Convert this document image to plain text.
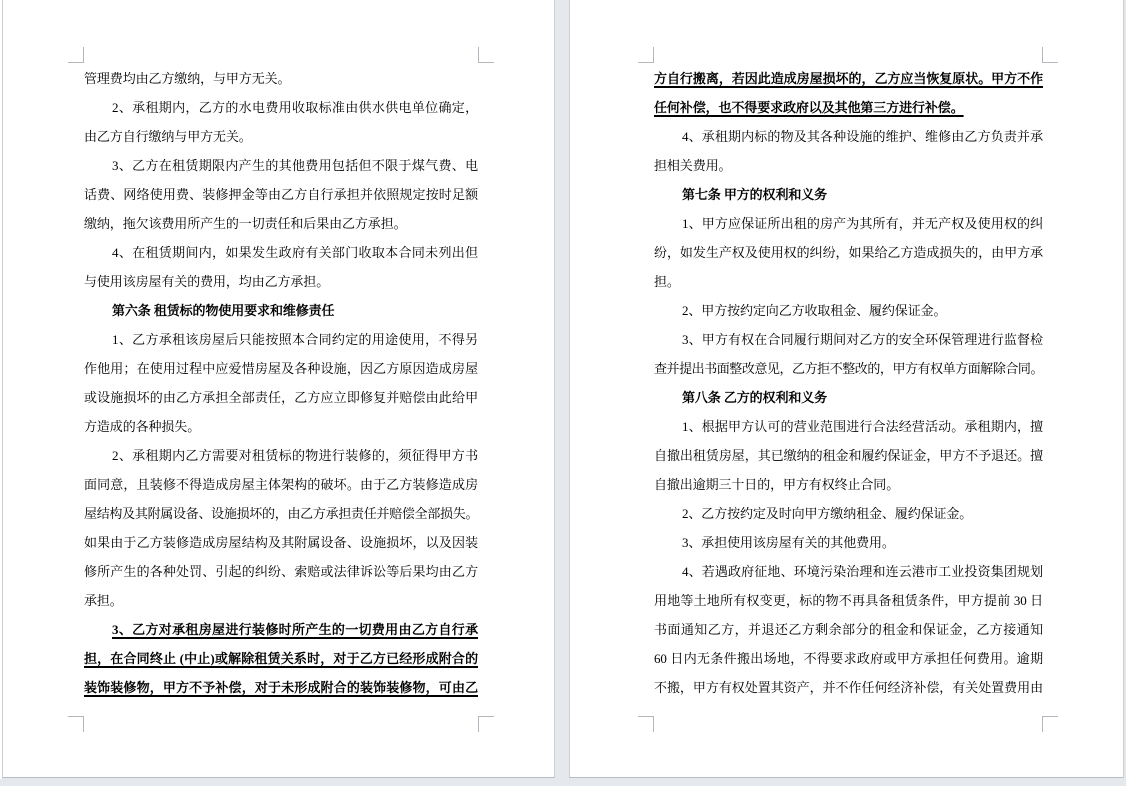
管理费均由乙方缴纳，与甲方无关。
2、承租期内，乙方的水电费用收取标准由供水供电单位确定，
由乙方自行缴纳与甲方无关。
3、乙方在租赁期限内产生的其他费用包括但不限于煤气费、电
话费、网络使用费、装修押金等由乙方自行承担并依照规定按时足额
缴纳，拖欠该费用所产生的一切责任和后果由乙方承担。
4、在租赁期间内，如果发生政府有关部门收取本合同未列出但
与使用该房屋有关的费用，均由乙方承担。
第六条 租赁标的物使用要求和维修责任
1、乙方承租该房屋后只能按照本合同约定的用途使用，不得另
作他用；在使用过程中应爱惜房屋及各种设施，因乙方原因造成房屋
或设施损坏的由乙方承担全部责任，乙方应立即修复并赔偿由此给甲
方造成的各种损失。
2、承租期内乙方需要对租赁标的物进行装修的，须征得甲方书
面同意，且装修不得造成房屋主体架构的破坏。由于乙方装修造成房
屋结构及其附属设备、设施损坏的，由乙方承担责任并赔偿全部损失。
如果由于乙方装修造成房屋结构及其附属设备、设施损坏，以及因装
修所产生的各种处罚、引起的纠纷、索赔或法律诉讼等后果均由乙方
承担。
3、乙方对承租房屋进行装修时所产生的一切费用由乙方自行承
担，在合同终止 (中止)或解除租赁关系时，对于乙方已经形成附合的
装饰装修物，甲方不予补偿，对于未形成附合的装饰装修物，可由乙
方自行搬离，若因此造成房屋损坏的，乙方应当恢复原状。甲方不作
任何补偿，也不得要求政府以及其他第三方进行补偿。
4、承租期内标的物及其各种设施的维护、维修由乙方负责并承
担相关费用。
第七条 甲方的权利和义务
1、甲方应保证所出租的房产为其所有，并无产权及使用权的纠
纷，如发生产权及使用权的纠纷，如果给乙方造成损失的，由甲方承
担。
2、甲方按约定向乙方收取租金、履约保证金。
3、甲方有权在合同履行期间对乙方的安全环保管理进行监督检
查并提出书面整改意见，乙方拒不整改的，甲方有权单方面解除合同。
第八条 乙方的权利和义务
1、根据甲方认可的营业范围进行合法经营活动。承租期内，擅
自撤出租赁房屋，其已缴纳的租金和履约保证金，甲方不予退还。擅
自撤出逾期三十日的，甲方有权终止合同。
2、乙方按约定及时向甲方缴纳租金、履约保证金。
3、承担使用该房屋有关的其他费用。
4、若遇政府征地、环境污染治理和连云港市工业投资集团规划
用地等土地所有权变更，标的物不再具备租赁条件，甲方提前 30 日
书面通知乙方，并退还乙方剩余部分的租金和保证金，乙方接通知
60 日内无条件搬出场地，不得要求政府或甲方承担任何费用。逾期
不搬，甲方有权处置其资产，并不作任何经济补偿，有关处置费用由
